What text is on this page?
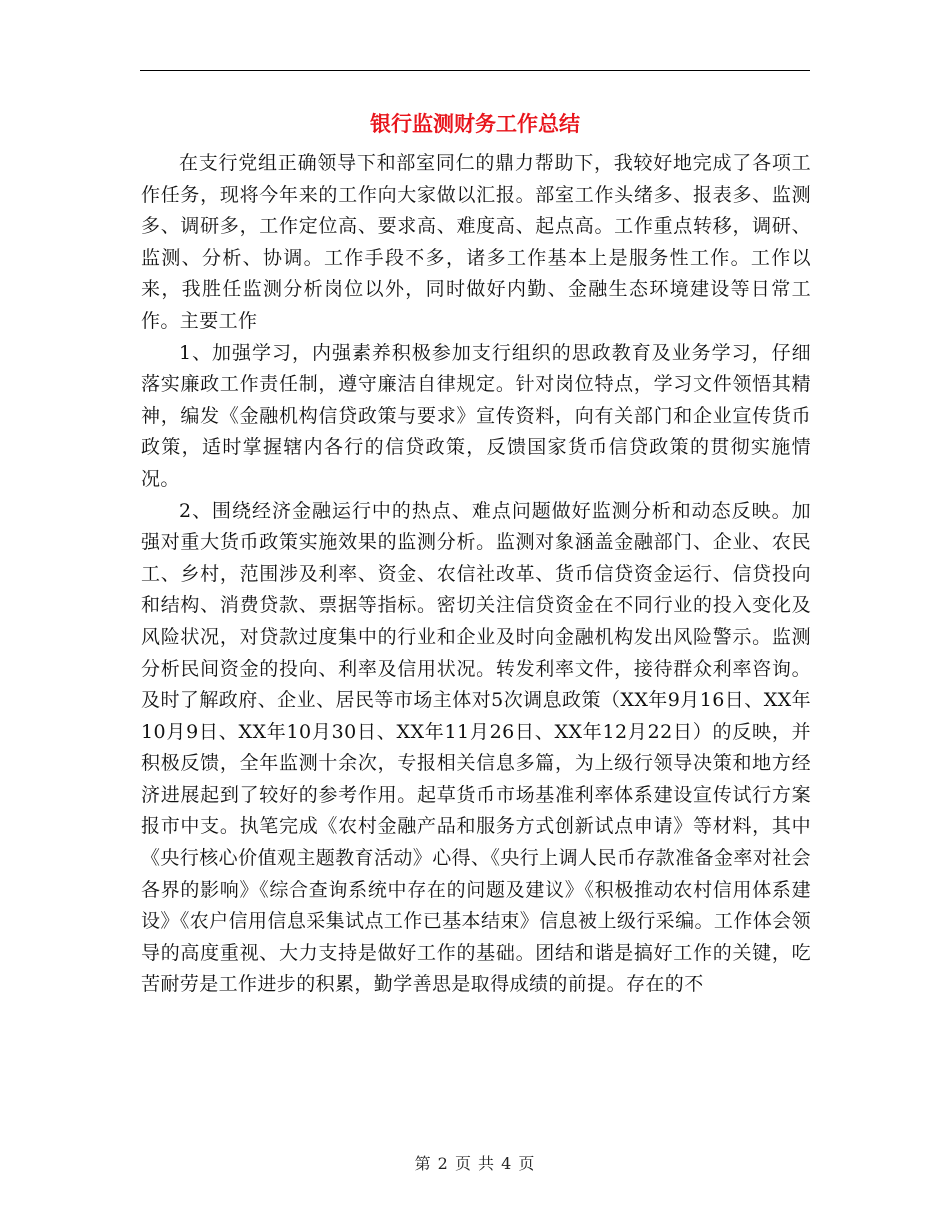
银行监测财务工作总结

在支行党组正确领导下和部室同仁的鼎力帮助下，我较好地完成了各项工作任务，现将今年来的工作向大家做以汇报。部室工作头绪多、报表多、监测多、调研多，工作定位高、要求高、难度高、起点高。工作重点转移，调研、监测、分析、协调。工作手段不多，诸多工作基本上是服务性工作。工作以来，我胜任监测分析岗位以外，同时做好内勤、金融生态环境建设等日常工作。主要工作

1、加强学习，内强素养积极参加支行组织的思政教育及业务学习，仔细落实廉政工作责任制，遵守廉洁自律规定。针对岗位特点，学习文件领悟其精神，编发《金融机构信贷政策与要求》宣传资料，向有关部门和企业宣传货币政策，适时掌握辖内各行的信贷政策，反馈国家货币信贷政策的贯彻实施情况。

2、围绕经济金融运行中的热点、难点问题做好监测分析和动态反映。加强对重大货币政策实施效果的监测分析。监测对象涵盖金融部门、企业、农民工、乡村，范围涉及利率、资金、农信社改革、货币信贷资金运行、信贷投向和结构、消费贷款、票据等指标。密切关注信贷资金在不同行业的投入变化及风险状况，对贷款过度集中的行业和企业及时向金融机构发出风险警示。监测分析民间资金的投向、利率及信用状况。转发利率文件，接待群众利率咨询。及时了解政府、企业、居民等市场主体对5次调息政策（XX年9月16日、XX年10月9日、XX年10月30日、XX年11月26日、XX年12月22日）的反映，并积极反馈，全年监测十余次，专报相关信息多篇，为上级行领导决策和地方经济进展起到了较好的参考作用。起草货币市场基准利率体系建设宣传试行方案报市中支。执笔完成《农村金融产品和服务方式创新试点申请》等材料，其中《央行核心价值观主题教育活动》心得、《央行上调人民币存款准备金率对社会各界的影响》《综合查询系统中存在的问题及建议》《积极推动农村信用体系建设》《农户信用信息采集试点工作已基本结束》信息被上级行采编。工作体会领导的高度重视、大力支持是做好工作的基础。团结和谐是搞好工作的关键，吃苦耐劳是工作进步的积累，勤学善思是取得成绩的前提。存在的不

第 2 页 共 4 页
